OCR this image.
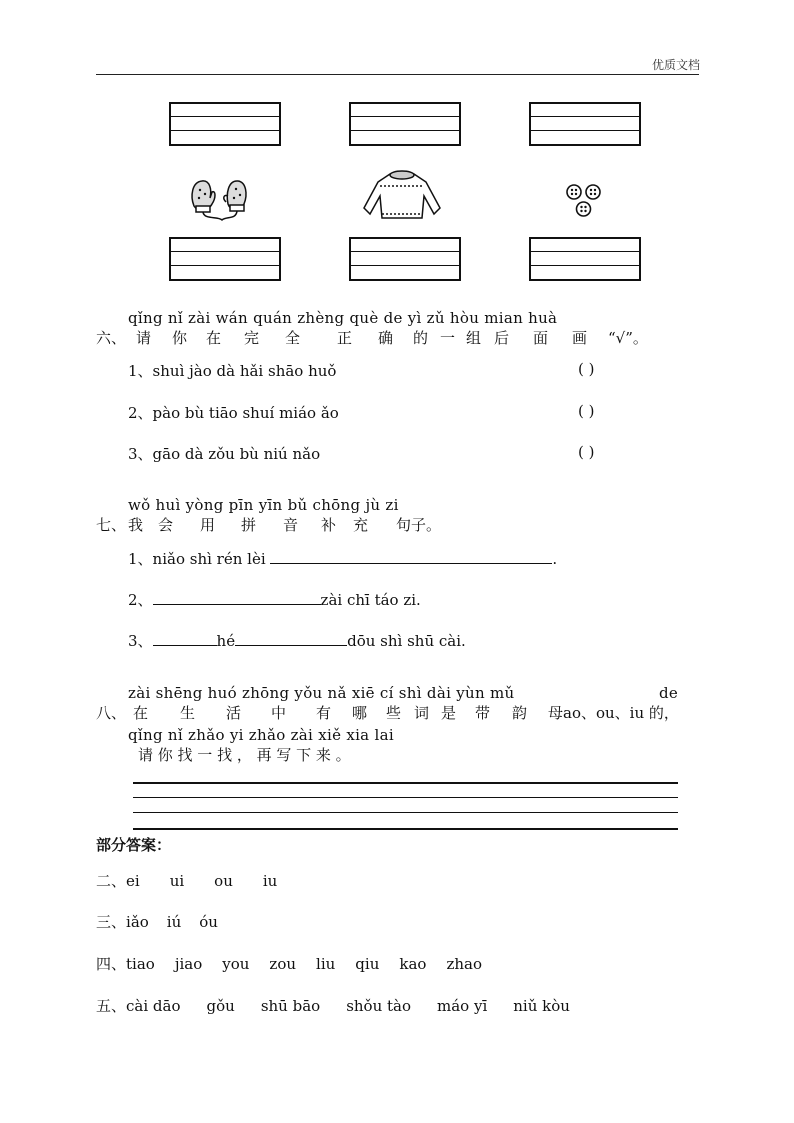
优质文档
qǐng nǐ zài wán quán zhèng què de yì zǔ hòu mian huà
六、 请 你 在 完 全 正 确 的 一 组 后 面 画 “√”。
1、shuì jào dà hǎi shāo huǒ	( )
2、pào bù tiāo shuí miáo ǎo	( )
3、gāo dà zǒu bù niú nǎo	( )
wǒ huì yòng pīn yīn bǔ chōng jù zi
七、 我 会 用 拼 音 补 充 句子。
1、niǎo shì rén lèi	.
2、	zài chī táo zi.
3、	hé	dōu shì shū cài.
zài shēng huó zhōng yǒu nǎ xiē cí shì dài yùn mǔ	de
八、 在 生 活 中 有 哪 些 词 是 带 韵 母ao、ou、iu 的，
qǐng nǐ zhǎo yi zhǎo zài xiě xia lai
请 你 找 一 找 ， 再 写 下 来 。
部分答案：
二、ei ui ou iu
三、iǎo iú óu
四、tiao jiao you zou liu qiu kao zhao
五、cài dāo gǒu shū bāo shǒu tào máo yī niǔ kòu
